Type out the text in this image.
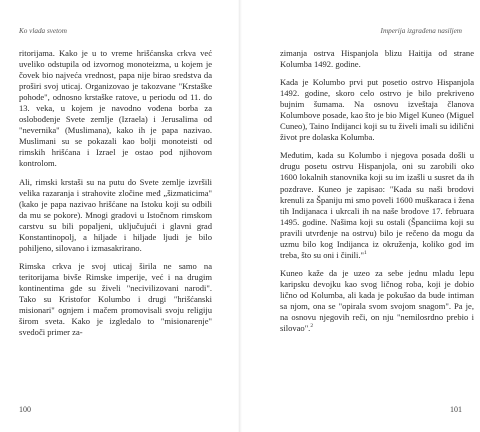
Ko vlada svetom

ritorijama. Kako je u to vreme hrišćanska crkva već uveliko odstupila od izvornog monoteizma, u kojem je čovek bio najveća vrednost, papa nije birao sredstva da proširi svoj uticaj. Organizovao je takozvane "Krstaške pohode", odnosno krstaške ratove, u periodu od 11. do 13. veka, u kojem je navodno vođena borba za oslobođenje Svete zemlje (Izraela) i Jerusalima od "nevernika" (Muslimana), kako ih je papa nazivao. Muslimani su se pokazali kao bolji monoteisti od rimskih hrišćana i Izrael je ostao pod njihovom kontrolom.

Ali, rimski krstaši su na putu do Svete zemlje izvršili velika razaranja i strahovite zločine međ „šizmaticima" (kako je papa nazivao hrišćane na Istoku koji su odbili da mu se pokore). Mnogi gradovi u Istočnom rimskom carstvu su bili popaljeni, uključujući i glavni grad Konstantinopolj, a hiljade i hiljade ljudi je bilo pohiljeno, silovano i izmasakrirano.

Rimska crkva je svoj uticaj širila ne samo na teritorijama bivše Rimske imperije, već i na drugim kontinentima gde su živeli "necivilizovani narodi". Tako su Kristofor Kolumbo i drugi "hrišćanski misionari" ognjem i mačem promovisali svoju religiju širom sveta. Kako je izgledalo to "misionarenje" svedoči primer za-

100
Imperija izgrađena nasiljem

zimanja ostrva Hispanjola blizu Haitija od strane Kolumba 1492. godine.

Kada je Kolumbo prvi put posetio ostrvo Hispanjola 1492. godine, skoro celo ostrvo je bilo prekriveno bujnim šumama. Na osnovu izveštaja članova Kolumbove posade, kao što je bio Migel Kuneo (Miguel Cuneo), Taino Indijanci koji su tu živeli imali su idilični život pre dolaska Kolumba.

Međutim, kada su Kolumbo i njegova posada došli u drugu posetu ostrvu Hispanjola, oni su zarobili oko 1600 lokalnih stanovnika koji su im izašli u susret da ih pozdrave. Kuneo je zapisao: "Kada su naši brodovi krenuli za Španiju mi smo poveli 1600 muškaraca i žena tih Indijanaca i ukrcali ih na naše brodove 17. februara 1495. godine. Našima koji su ostali (Španciima koji su pravili utvrđenje na ostrvu) bilo je rečeno da mogu da uzmu bilo kog Indijanca iz okruženja, koliko god im treba, što su oni i činili."$^1$

Kuneo kaže da je uzeo za sebe jednu mladu lepu karipsku devojku kao svog ličnog roba, koji je dobio lično od Kolumba, ali kada je pokušao da bude intiman sa njom, ona se "opirala svom svojom snagom". Pa je, na osnovu njegovih reči, on nju "nemilosrdno prebio i silovao".$^2$

101
